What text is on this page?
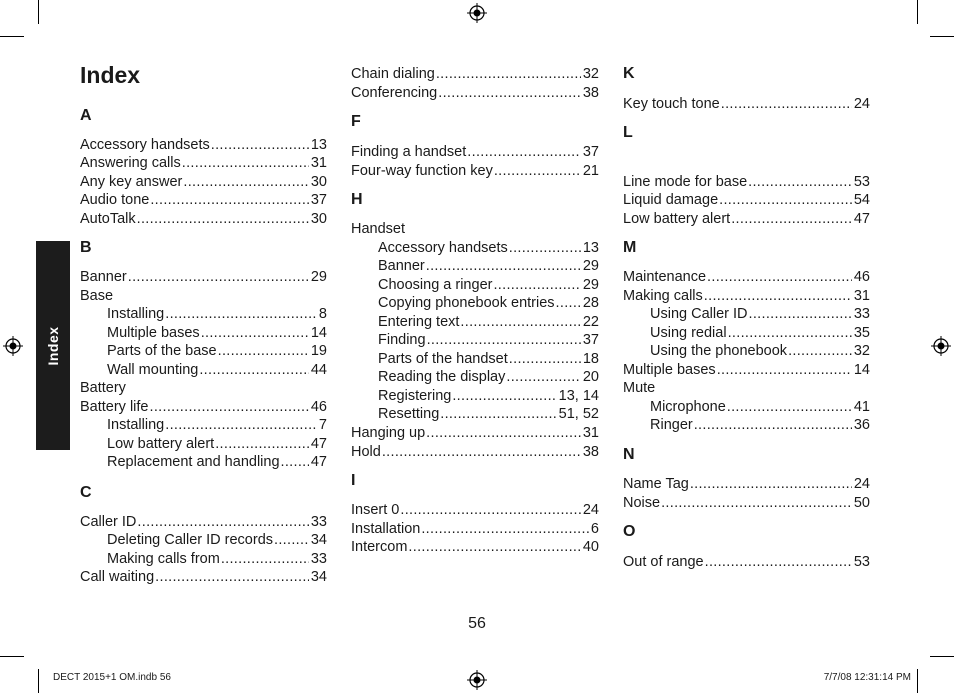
Index
Index
A
Accessory handsets .....	13
Answering calls .....	31
Any key answer .....	30
Audio tone .....	37
AutoTalk .....	30
B
Banner .....	29
Base
Installing .....	8
Multiple bases .....	14
Parts of the base .....	19
Wall mounting .....	44
Battery
Battery life .....	46
Installing .....	7
Low battery alert .....	47
Replacement and handling ..... 47
C
Caller ID .....	33
Deleting Caller ID records .....	34
Making calls from .....	33
Call waiting .....	34
Chain dialing .....	32
Conferencing .....	38
F
Finding a handset .....	37
Four-way function key .....	21
H
Handset
Accessory handsets .....	13
Banner .....	29
Choosing a ringer .....	29
Copying phonebook entries ..... 28
Entering text .....	22
Finding .....	37
Parts of the handset .....	18
Reading the display .....	20
Registering .....	13, 14
Resetting .....	51, 52
Hanging up .....	31
Hold .....	38
I
Insert 0 .....	24
Installation .....	6
Intercom .....	40
K
Key touch tone .....	24
L
Line mode for base .....	53
Liquid damage .....	54
Low battery alert .....	47
M
Maintenance .....	46
Making calls .....	31
Using Caller ID .....	33
Using redial .....	35
Using the phonebook .....	32
Multiple bases .....	14
Mute
Microphone .....	41
Ringer .....	36
N
Name Tag .....	24
Noise .....	50
O
Out of range .....	53
56
DECT 2015+1 OM.indb 56	7/7/08 12:31:14 PM
